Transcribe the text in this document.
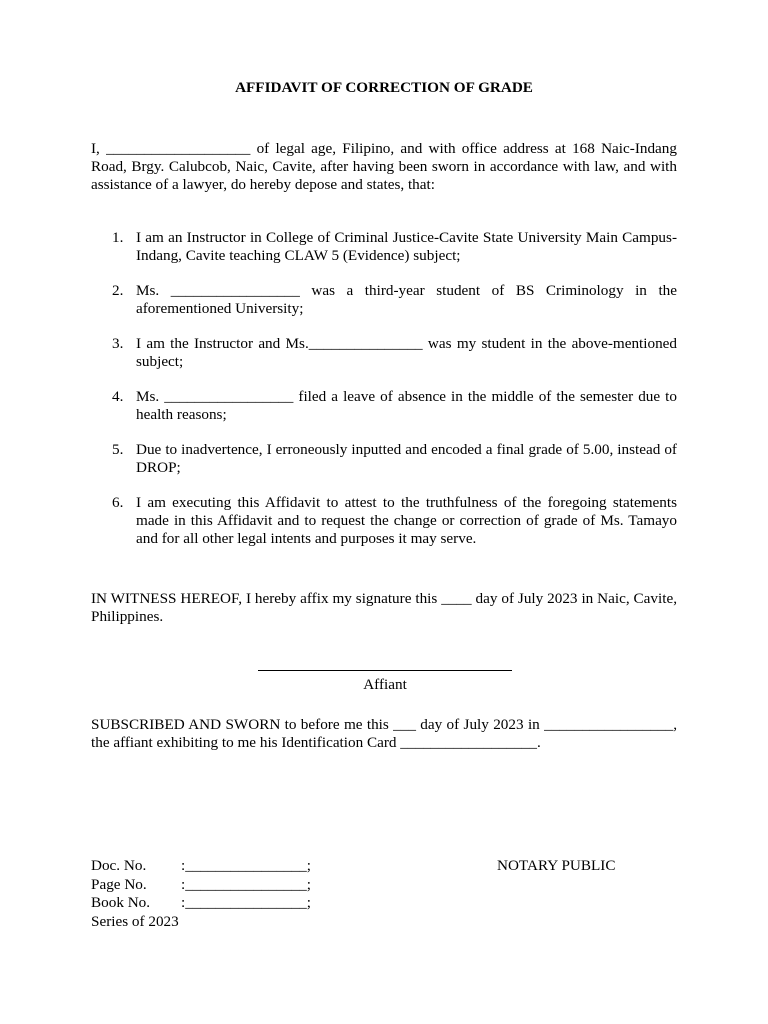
AFFIDAVIT OF CORRECTION OF GRADE
I, ___________________ of legal age, Filipino, and with office address at 168 Naic-Indang Road, Brgy. Calubcob, Naic, Cavite, after having been sworn in accordance with law, and with assistance of a lawyer, do hereby depose and states, that:
1. I am an Instructor in College of Criminal Justice-Cavite State University Main Campus-Indang, Cavite teaching CLAW 5 (Evidence) subject;
2. Ms. _________________ was a third-year student of BS Criminology in the aforementioned University;
3. I am the Instructor and Ms._______________ was my student in the above-mentioned subject;
4. Ms. _________________ filed a leave of absence in the middle of the semester due to health reasons;
5. Due to inadvertence, I erroneously inputted and encoded a final grade of 5.00, instead of DROP;
6. I am executing this Affidavit to attest to the truthfulness of the foregoing statements made in this Affidavit and to request the change or correction of grade of Ms. Tamayo and for all other legal intents and purposes it may serve.
IN WITNESS HEREOF, I hereby affix my signature this ____ day of July 2023 in Naic, Cavite, Philippines.
Affiant
SUBSCRIBED AND SWORN to before me this ___ day of July 2023 in _________________, the affiant exhibiting to me his Identification Card __________________.
Doc. No. :________________;
Page No. :________________;
Book No. :________________;
Series of 2023
NOTARY PUBLIC
